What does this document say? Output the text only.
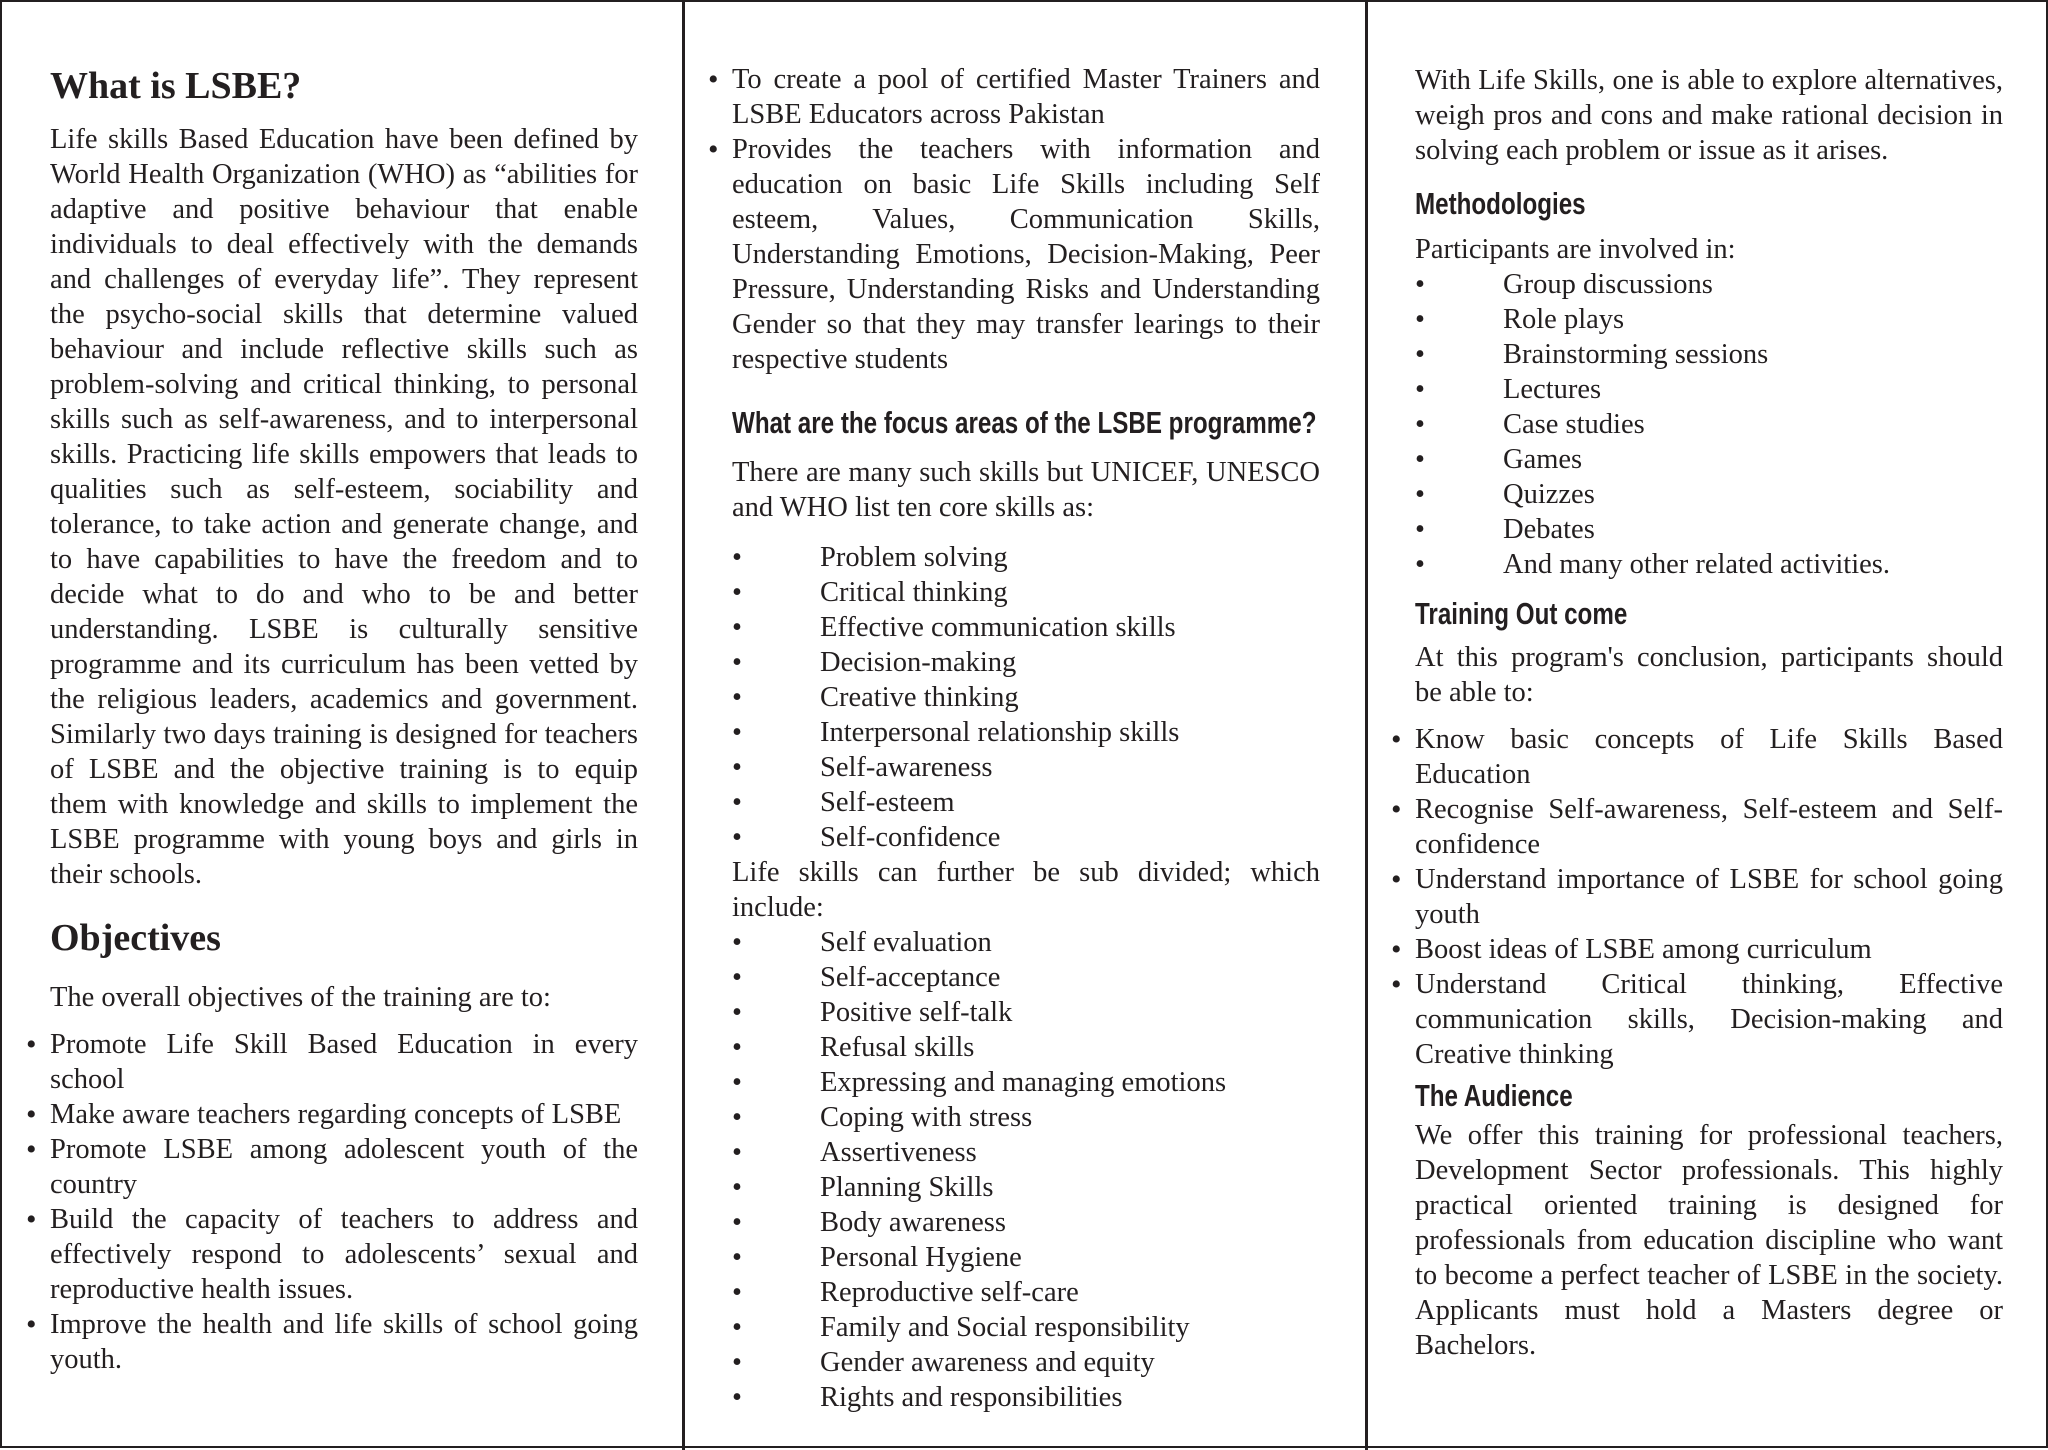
What is LSBE?

Life skills Based Education have been defined by World Health Organization (WHO) as “abilities for adaptive and positive behaviour that enable individuals to deal effectively with the demands and challenges of everyday life”. They represent the psycho-social skills that determine valued behaviour and include reflective skills such as problem-solving and critical thinking, to personal skills such as self-awareness, and to interpersonal skills. Practicing life skills empowers that leads to qualities such as self-esteem, sociability and tolerance, to take action and generate change, and to have capabilities to have the freedom and to decide what to do and who to be and better understanding. LSBE is culturally sensitive programme and its curriculum has been vetted by the religious leaders, academics and government. Similarly two days training is designed for teachers of LSBE and the objective training is to equip them with knowledge and skills to implement the LSBE programme with young boys and girls in their schools.

Objectives

The overall objectives of the training are to:

• Promote Life Skill Based Education in every school
• Make aware teachers regarding concepts of LSBE
• Promote LSBE among adolescent youth of the country
• Build the capacity of teachers to address and effectively respond to adolescents’ sexual and reproductive health issues.
• Improve the health and life skills of school going youth.
• To create a pool of certified Master Trainers and LSBE Educators across Pakistan
• Provides the teachers with information and education on basic Life Skills including Self esteem, Values, Communication Skills, Understanding Emotions, Decision-Making, Peer Pressure, Understanding Risks and Understanding Gender so that they may transfer learings to their respective students
What are the focus areas of the LSBE programme?

There are many such skills but UNICEF, UNESCO and WHO list ten core skills as:

•	Problem solving
•	Critical thinking
•	Effective communication skills
•	Decision-making
•	Creative thinking
•	Interpersonal relationship skills
•	Self-awareness
•	Self-esteem
•	Self-confidence

Life skills can further be sub divided; which include:

•	Self evaluation
•	Self-acceptance
•	Positive self-talk
•	Refusal skills
•	Expressing and managing emotions
•	Coping with stress
•	Assertiveness
•	Planning Skills
•	Body awareness
•	Personal Hygiene
•	Reproductive self-care
•	Family and Social responsibility
•	Gender awareness and equity
•	Rights and responsibilities

With Life Skills, one is able to explore alternatives, weigh pros and cons and make rational decision in solving each problem or issue as it arises.

Methodologies

Participants are involved in:

•	Group discussions
•	Role plays
•	Brainstorming sessions
•	Lectures
•	Case studies
•	Games
•	Quizzes
•	Debates
•	And many other related activities.
Training Out come

At this program's conclusion, participants should be able to:

• Know basic concepts of Life Skills Based Education
• Recognise Self-awareness, Self-esteem and Self-confidence
• Understand importance of LSBE for school going youth
• Boost ideas of LSBE among curriculum
• Understand Critical thinking, Effective communication skills, Decision-making and Creative thinking
The Audience

We offer this training for professional teachers, Development Sector professionals. This highly practical oriented training is designed for professionals from education discipline who want to become a perfect teacher of LSBE in the society. Applicants must hold a Masters degree or Bachelors.
